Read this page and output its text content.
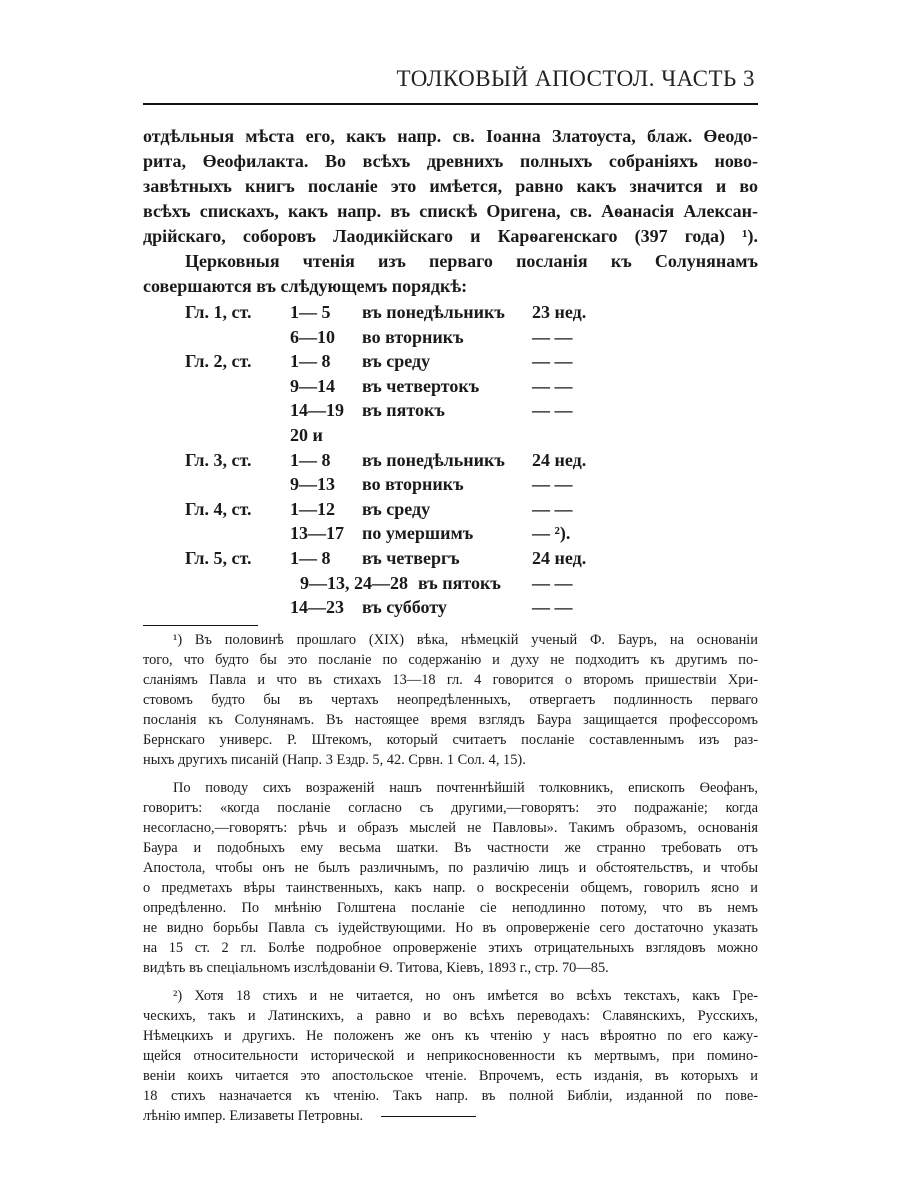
ТОЛКОВЫЙ АПОСТОЛ. ЧАСТЬ 3

отдѣльныя мѣста его, какъ напр. св. Іоанна Златоуста, блаж. Өеодо-

рита, Өеофилакта. Во всѣхъ древнихъ полныхъ собраніяхъ ново-

завѣтныхъ книгъ посланіе это имѣется, равно какъ значится и во

всѣхъ спискахъ, какъ напр. въ спискѣ Оригена, св. Аѳанасія Алексан-

дрійскаго, соборовъ Лаодикійскаго и Карѳагенскаго (397 года) ¹).

Церковныя чтенія изъ перваго посланія къ Солунянамъ

совершаются въ слѣдующемъ порядкѣ:

Гл. 1, ст. 1— 5 въ понедѣльникъ 23 нед.
6—10 во вторникъ	— —
Гл. 2, ст. 1— 8 въ среду	— —
9—14 въ четвертокъ	— —
14—19 въ пятокъ	— —
20 и
Гл. 3, ст. 1— 8 въ понедѣльникъ 24 нед.
9—13 во вторникъ	— —
Гл. 4, ст. 1—12 въ среду	— —
13—17 по умершимъ	— ²).
Гл. 5, ст. 1— 8 въ четвергъ	24 нед.
9—13, 24—28 въ пятокъ — —
14—23 въ субботу	— —

¹) Въ половинѣ прошлаго (XIX) вѣка, нѣмецкій ученый Ф. Бауръ, на основаніи

того, что будто бы это посланіе по содержанію и духу не подходитъ къ другимъ по-

сланіямъ Павла и что въ стихахъ 13—18 гл. 4 говорится о второмъ пришествіи Хри-

стовомъ будто бы въ чертахъ неопредѣленныхъ, отвергаетъ подлинность перваго

посланія къ Солунянамъ. Въ настоящее время взглядъ Баура защищается профессоромъ

Бернскаго универс. Р. Штекомъ, который считаетъ посланіе составленнымъ изъ раз-

ныхъ другихъ писаній (Напр. 3 Ездр. 5, 42. Срвн. 1 Сол. 4, 15).

По поводу сихъ возраженій нашъ почтеннѣйшій толковникъ, епископъ Өеофанъ,

говоритъ: «когда посланіе согласно съ другими,—говорятъ: это подражаніе; когда

несогласно,—говорятъ: рѣчь и образъ мыслей не Павловы». Такимъ образомъ, основанія

Баура и подобныхъ ему весьма шатки. Въ частности же странно требовать отъ

Апостола, чтобы онъ не былъ различнымъ, по различію лицъ и обстоятельствъ, и чтобы

о предметахъ вѣры таинственныхъ, какъ напр. о воскресеніи общемъ, говорилъ ясно и

опредѣленно. По мнѣнію Голштена посланіе сіе неподлинно потому, что въ немъ

не видно борьбы Павла съ іудействующими. Но въ опроверженіе сего достаточно указать

на 15 ст. 2 гл. Болѣе подробное опроверженіе этихъ отрицательныхъ взглядовъ можно

видѣть въ спеціальномъ изслѣдованіи Ѳ. Титова, Кіевъ, 1893 г., стр. 70—85.

²) Хотя 18 стихъ и не читается, но онъ имѣется во всѣхъ текстахъ, какъ Гре-

ческихъ, такъ и Латинскихъ, а равно и во всѣхъ переводахъ: Славянскихъ, Русскихъ,

Нѣмецкихъ и другихъ. Не положенъ же онъ къ чтенію у насъ вѣроятно по его кажу-

щейся относительности исторической и неприкосновенности къ мертвымъ, при помино-

веніи коихъ читается это апостольское чтеніе. Впрочемъ, есть изданія, въ которыхъ и

18 стихъ назначается къ чтенію. Такъ напр. въ полной Библіи, изданной по пове-

лѣнію импер. Елизаветы Петровны.
